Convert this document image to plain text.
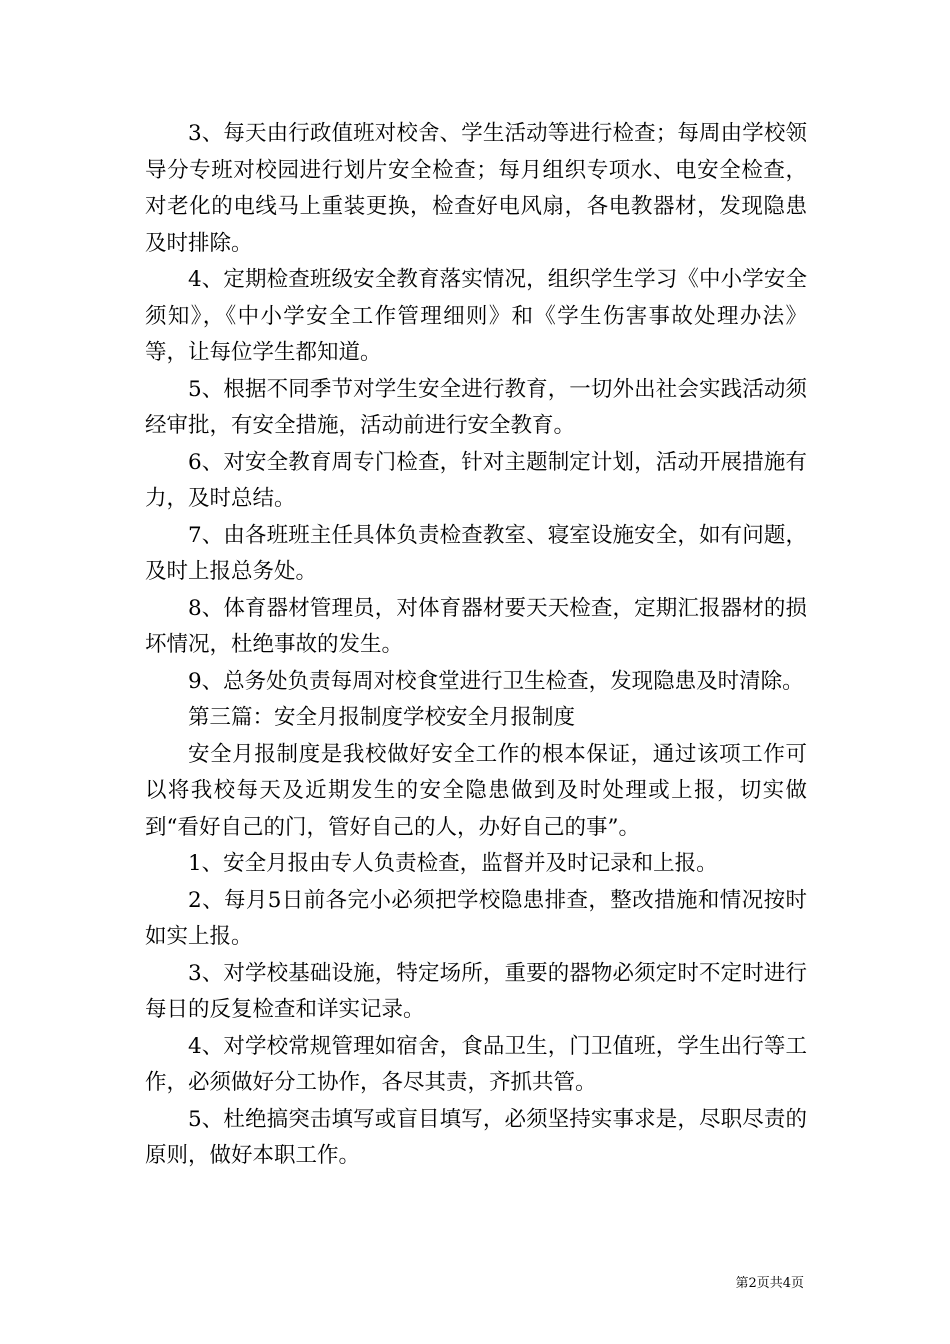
3、每天由行政值班对校舍、学生活动等进行检查；每周由学校领导分专班对校园进行划片安全检查；每月组织专项水、电安全检查，对老化的电线马上重装更换，检查好电风扇，各电教器材，发现隐患及时排除。

4、定期检查班级安全教育落实情况，组织学生学习《中小学安全须知》，《中小学安全工作管理细则》和《学生伤害事故处理办法》等，让每位学生都知道。

5、根据不同季节对学生安全进行教育，一切外出社会实践活动须经审批，有安全措施，活动前进行安全教育。

6、对安全教育周专门检查，针对主题制定计划，活动开展措施有力，及时总结。

7、由各班班主任具体负责检查教室、寝室设施安全，如有问题，及时上报总务处。

8、体育器材管理员，对体育器材要天天检查，定期汇报器材的损坏情况，杜绝事故的发生。

9、总务处负责每周对校食堂进行卫生检查，发现隐患及时清除。

第三篇：安全月报制度学校安全月报制度

安全月报制度是我校做好安全工作的根本保证，通过该项工作可以将我校每天及近期发生的安全隐患做到及时处理或上报，切实做到“看好自己的门，管好自己的人，办好自己的事”。

1、安全月报由专人负责检查，监督并及时记录和上报。

2、每月5日前各完小必须把学校隐患排查，整改措施和情况按时如实上报。

3、对学校基础设施，特定场所，重要的器物必须定时不定时进行每日的反复检查和详实记录。

4、对学校常规管理如宿舍，食品卫生，门卫值班，学生出行等工作，必须做好分工协作，各尽其责，齐抓共管。

5、杜绝搞突击填写或盲目填写，必须坚持实事求是，尽职尽责的原则，做好本职工作。

第2页共4页
